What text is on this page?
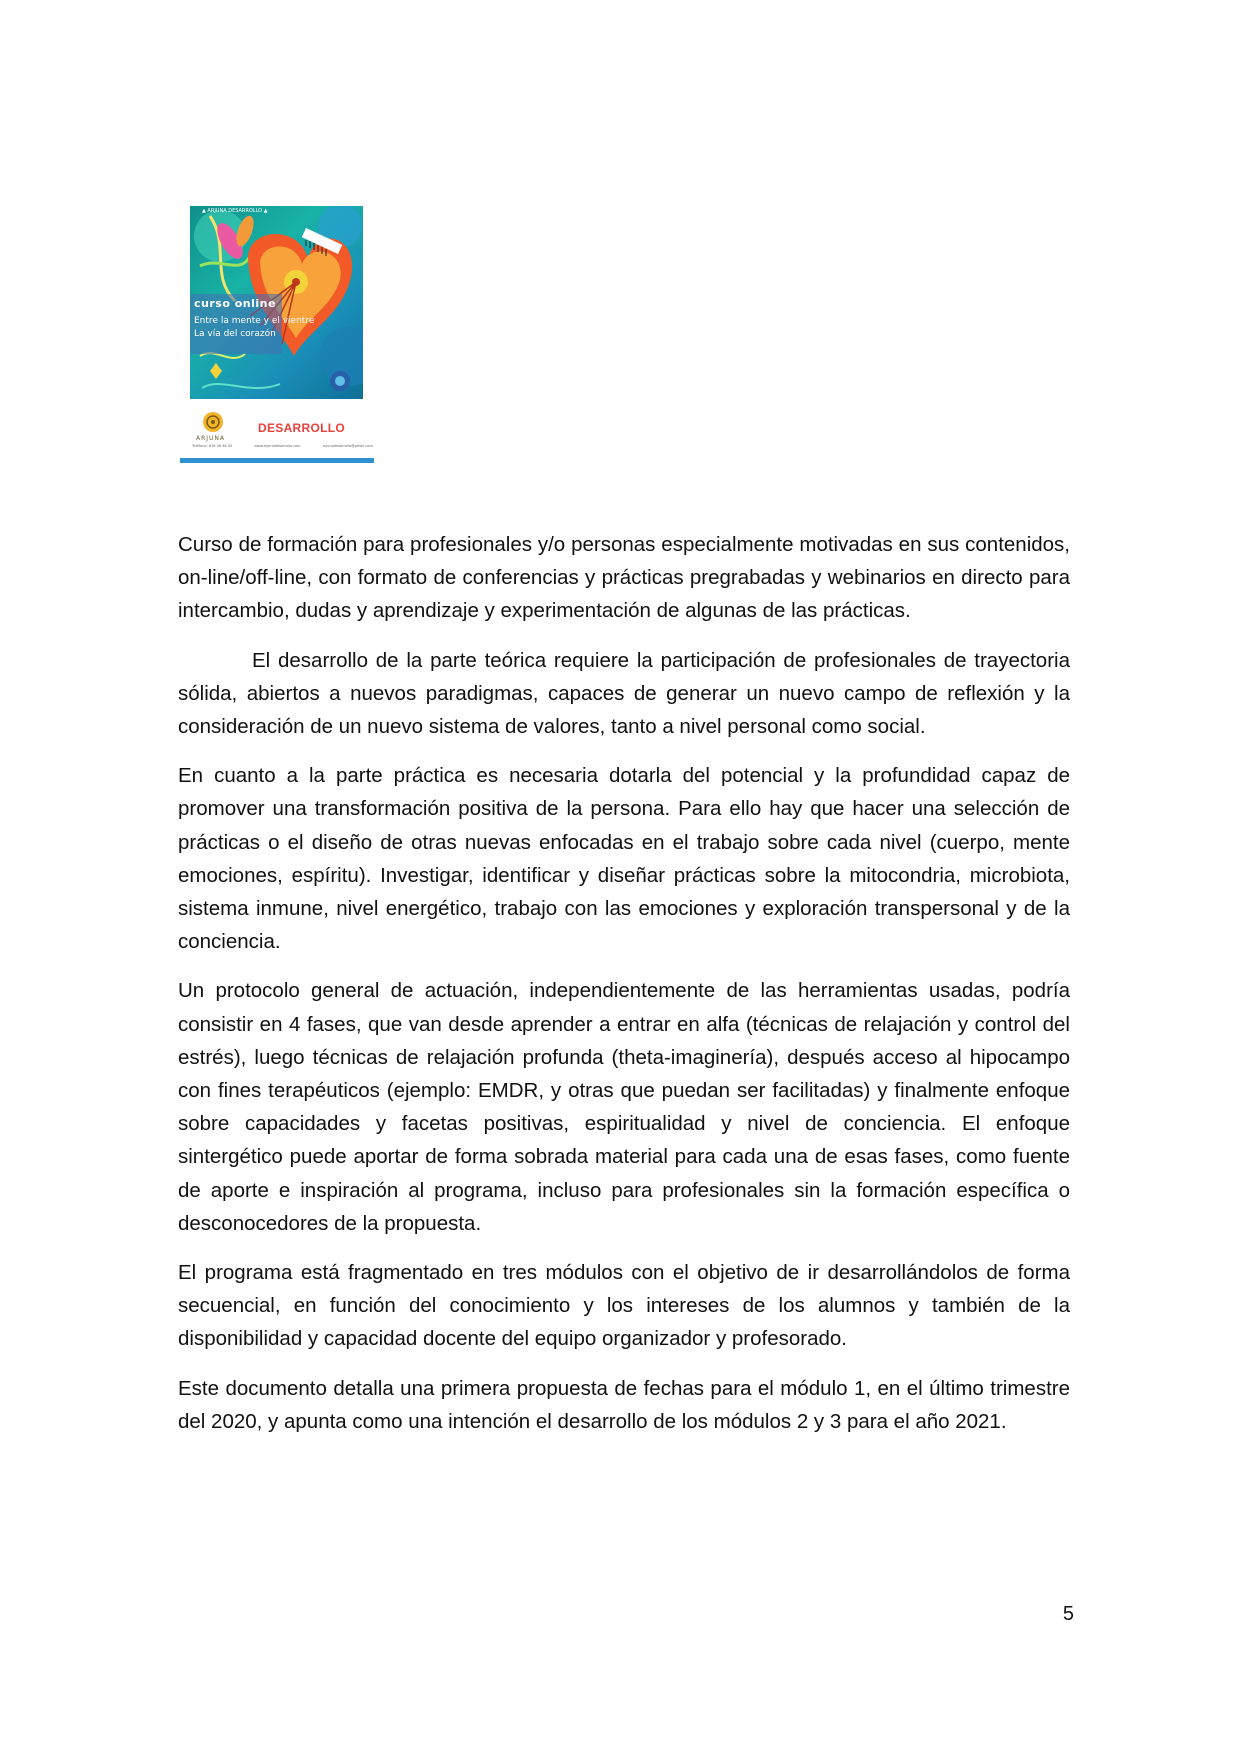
▲ ARJUNA DESARROLLO ▲
curso online
Entre la mente y el vientre
La vía del corazón
ARJUNA
DESARROLLO
Teléfono: 616 46 46 00	www.arjunadesarrollo.com	arjunadesarrollo@gmail.com

Curso de formación para profesionales y/o personas especialmente motivadas en sus contenidos, on-line/off-line, con formato de conferencias y prácticas pregrabadas y webinarios en directo para intercambio, dudas y aprendizaje y experimentación de algunas de las prácticas.

El desarrollo de la parte teórica requiere la participación de profesionales de trayectoria sólida, abiertos a nuevos paradigmas, capaces de generar un nuevo campo de reflexión y la consideración de un nuevo sistema de valores, tanto a nivel personal como social.

En cuanto a la parte práctica es necesaria dotarla del potencial y la profundidad capaz de promover una transformación positiva de la persona. Para ello hay que hacer una selección de prácticas o el diseño de otras nuevas enfocadas en el trabajo sobre cada nivel (cuerpo, mente emociones, espíritu). Investigar, identificar y diseñar prácticas sobre la mitocondria, microbiota, sistema inmune, nivel energético, trabajo con las emociones y exploración transpersonal y de la conciencia.

Un protocolo general de actuación, independientemente de las herramientas usadas, podría consistir en 4 fases, que van desde aprender a entrar en alfa (técnicas de relajación y control del estrés), luego técnicas de relajación profunda (theta-imaginería), después acceso al hipocampo con fines terapéuticos (ejemplo: EMDR, y otras que puedan ser facilitadas) y finalmente enfoque sobre capacidades y facetas positivas, espiritualidad y nivel de conciencia. El enfoque sintergético puede aportar de forma sobrada material para cada una de esas fases, como fuente de aporte e inspiración al programa, incluso para profesionales sin la formación específica o desconocedores de la propuesta.

El programa está fragmentado en tres módulos con el objetivo de ir desarrollándolos de forma secuencial, en función del conocimiento y los intereses de los alumnos y también de la disponibilidad y capacidad docente del equipo organizador y profesorado.

Este documento detalla una primera propuesta de fechas para el módulo 1, en el último trimestre del 2020, y apunta como una intención el desarrollo de los módulos 2 y 3 para el año 2021.

5
